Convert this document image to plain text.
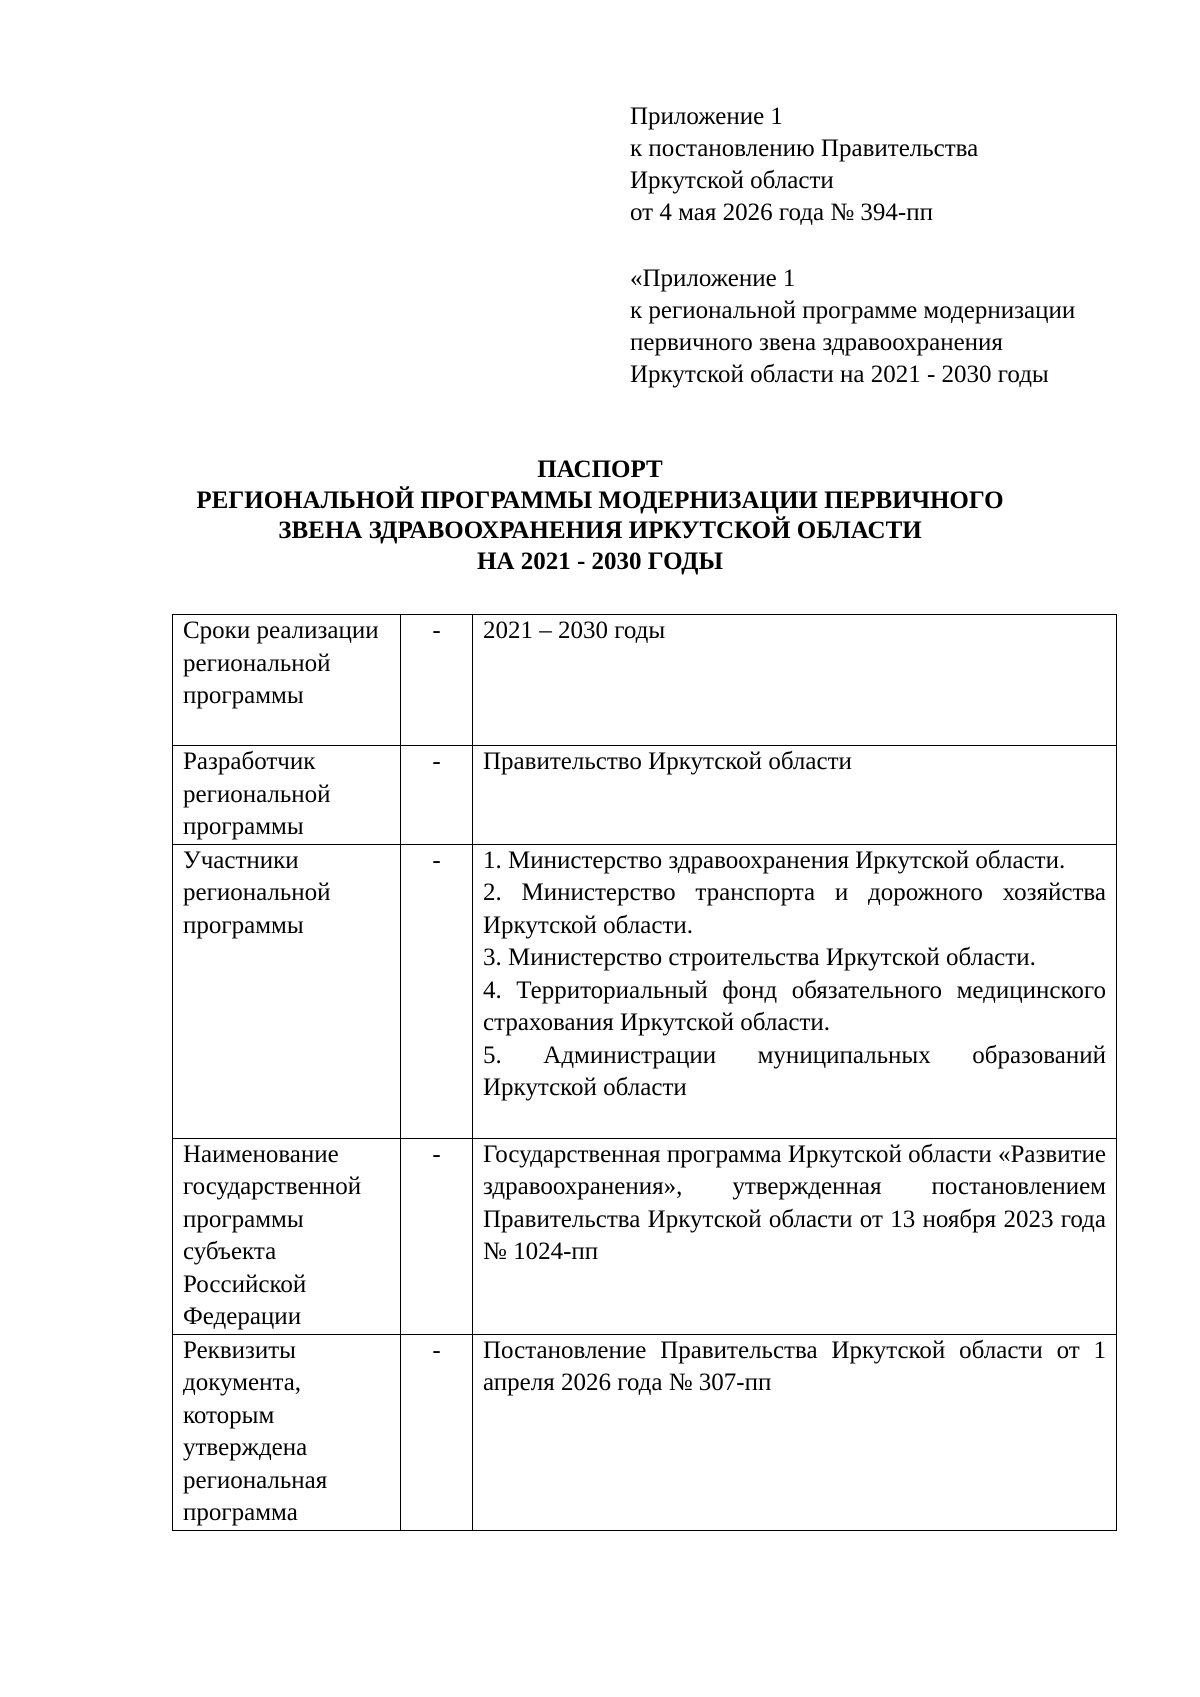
Приложение 1
к постановлению Правительства
Иркутской области
от 4 мая 2026 года № 394-пп
«Приложение 1
к региональной программе модернизации
первичного звена здравоохранения
Иркутской области на 2021 - 2030 годы
ПАСПОРТ
РЕГИОНАЛЬНОЙ ПРОГРАММЫ МОДЕРНИЗАЦИИ ПЕРВИЧНОГО
ЗВЕНА ЗДРАВООХРАНЕНИЯ ИРКУТСКОЙ ОБЛАСТИ
НА 2021 - 2030 ГОДЫ
Сроки реализации региональной программы	-	2021 – 2030 годы
Разработчик региональной программы	-	Правительство Иркутской области
Участники региональной программы	-	1. Министерство здравоохранения Иркутской области.
2. Министерство транспорта и дорожного хозяйства Иркутской области.
3. Министерство строительства Иркутской области.
4. Территориальный фонд обязательного медицинского страхования Иркутской области.
5. Администрации муниципальных образований Иркутской области

Наименование государственной программы субъекта Российской Федерации	-	Государственная программа Иркутской области «Развитие здравоохранения», утвержденная постановлением Правительства Иркутской области от 13 ноября 2023 года № 1024-пп
Реквизиты документа, которым утверждена региональная программа	-	Постановление Правительства Иркутской области от 1 апреля 2026 года № 307-пп
